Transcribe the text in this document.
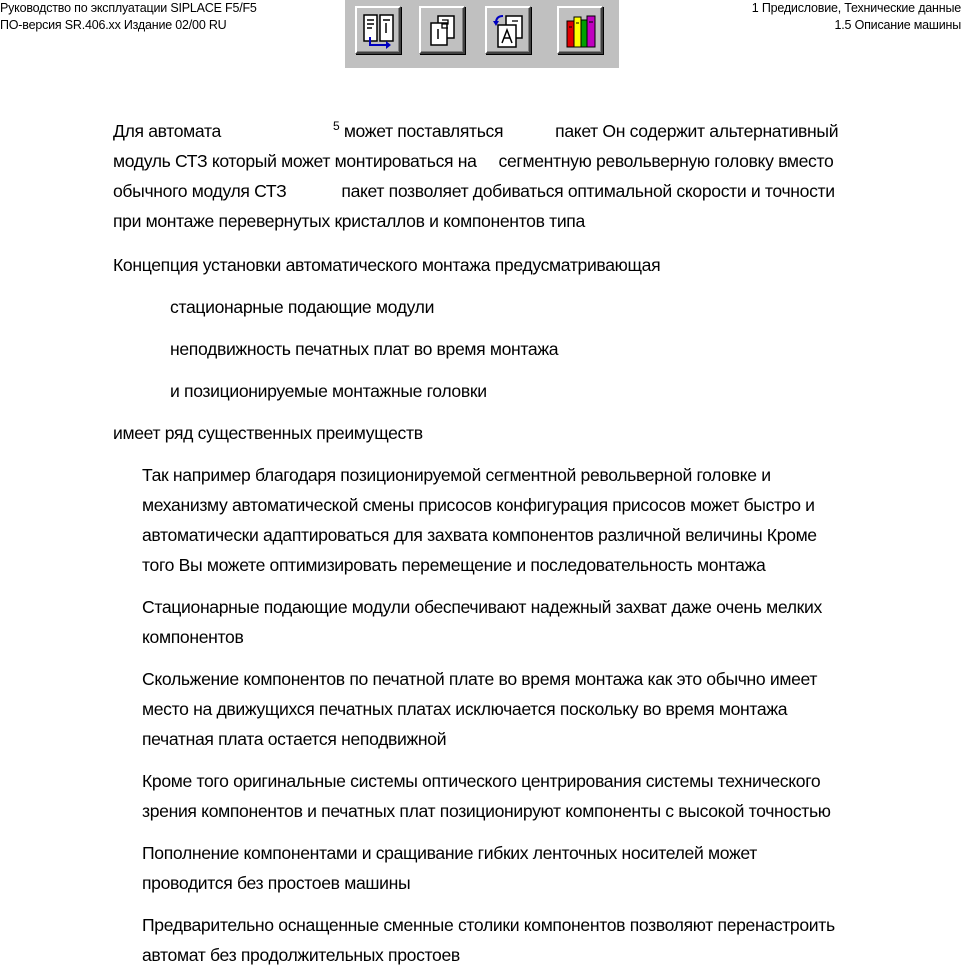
Руководство по эксплуатации SIPLACE F5/F5
ПО-версия SR.406.xx Издание 02/00 RU
1 Предисловие, Технические данные
1.5 Описание машины
Для автомата	$^5$ может поставляться	пакет Он содержит альтернативный
модуль СТЗ который может монтироваться на сегментную револьверную головку вместо
обычного модуля СТЗ	пакет позволяет добиваться оптимальной скорости и точности
при монтаже перевернутых кристаллов и компонентов типа
Концепция установки автоматического монтажа предусматривающая
стационарные подающие модули
неподвижность печатных плат во время монтажа
и позиционируемые монтажные головки
имеет ряд существенных преимуществ
Так например благодаря позиционируемой сегментной револьверной головке и
механизму автоматической смены присосов конфигурация присосов может быстро и
автоматически адаптироваться для захвата компонентов различной величины Кроме
того Вы можете оптимизировать перемещение и последовательность монтажа
Стационарные подающие модули обеспечивают надежный захват даже очень мелких
компонентов
Скольжение компонентов по печатной плате во время монтажа как это обычно имеет
место на движущихся печатных платах исключается поскольку во время монтажа
печатная плата остается неподвижной
Кроме того оригинальные системы оптического центрирования системы технического
зрения компонентов и печатных плат позиционируют компоненты с высокой точностью
Пополнение компонентами и сращивание гибких ленточных носителей может
проводится без простоев машины
Предварительно оснащенные сменные столики компонентов позволяют перенастроить
автомат без продолжительных простоев
